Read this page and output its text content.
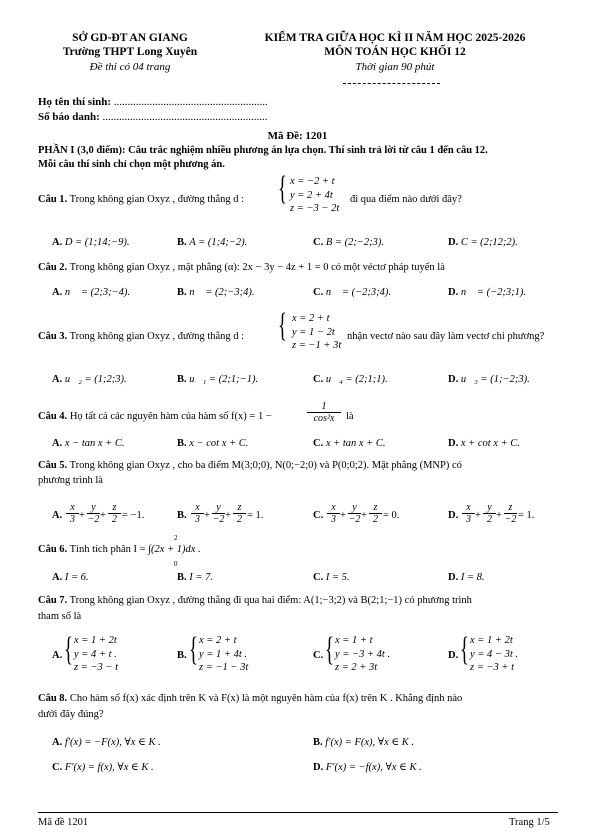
SỞ GD-ĐT AN GIANG
Trường THPT Long Xuyên
Đề thi có 04 trang
KIỂM TRA GIỮA HỌC KÌ II NĂM HỌC 2025-2026
MÔN TOÁN HỌC KHỐI 12
Thời gian 90 phút
Họ tên thí sinh: ........................................................
Số báo danh: ............................................................
Mã Đề: 1201
PHẦN I (3,0 điểm): Câu trắc nghiệm nhiều phương án lựa chọn. Thí sinh trả lời từ câu 1 đến câu 12.
Mỗi câu thí sinh chỉ chọn một phương án.
Câu 1. Trong không gian Oxyz , đường thẳng d : { x = −2 + t
y = 2 + 4t
z = −3 − 2t
đi qua điểm nào dưới đây?
A. D = (1;14;−9).	B. A = (1;4;−2).	C. B = (2;−2;3).	D. C = (2;12;2).
Câu 2. Trong không gian Oxyz , mặt phẳng (α): 2x − 3y − 4z + 1 = 0 có một véctơ pháp tuyến là
A. n⃗ = (2;3;−4).	B. n⃗ = (2;−3;4).	C. n⃗ = (−2;3;4).	D. n⃗ = (−2;3;1).
Câu 3. Trong không gian Oxyz , đường thẳng d : { x = 2 + t
y = 1 − 2t
z = −1 + 3t
nhận vectơ nào sau đây làm vectơ chỉ phương?
A. u⃗₂ = (1;2;3).	B. u⃗₁ = (2;1;−1).	C. u⃗₄ = (2;1;1).	D. u⃗₃ = (1;−2;3).
Câu 4. Họ tất cả các nguyên hàm của hàm số f(x) = 1 −	$\frac{1}{\text{cos²x}}$ là
A. x − tan x + C.	B. x − cot x + C.	C. x + tan x + C.	D. x + cot x + C.
Câu 5. Trong không gian Oxyz , cho ba điểm M(3;0;0), N(0;−2;0) và P(0;0;2). Mặt phẳng (MNP) có
phương trình là
A. $\frac{x}{3} + \frac{y}{-2} + \frac{z}{2} = -1$.	B. $\frac{x}{3} + \frac{y}{-2} + \frac{z}{2} = 1$.	C. $\frac{x}{3} + \frac{y}{-2} + \frac{z}{2} = 0$.	D. $\frac{x}{3} + \frac{y}{2} + \frac{z}{-2} = 1$.
Câu 6. Tính tích phân I = ∫(2x + 1)dx .
2
0
A. I = 6.	B. I = 7.	C. I = 5.	D. I = 8.
Câu 7. Trong không gian Oxyz , đường thẳng đi qua hai điểm: A(1;−3;2) và B(2;1;−1) có phương trình
tham số là
A. { x = 1 + 2t
y = 4 + t .
z = −3 − t
B. { x = 2 + t
y = 1 + 4t .
z = −1 − 3t
C. { x = 1 + t
y = −3 + 4t .
z = 2 + 3t
D. { x = 1 + 2t
y = 4 − 3t .
z = −3 + t
Câu 8. Cho hàm số f(x) xác định trên K và F(x) là một nguyên hàm của f(x) trên K . Khẳng định nào
dưới đây đúng?
A. f′(x) = −F(x), ∀x ∈ K .	B. f′(x) = F(x), ∀x ∈ K .
C. F′(x) = f(x), ∀x ∈ K .	D. F′(x) = −f(x), ∀x ∈ K .
Mã đề 1201	Trang 1/5
